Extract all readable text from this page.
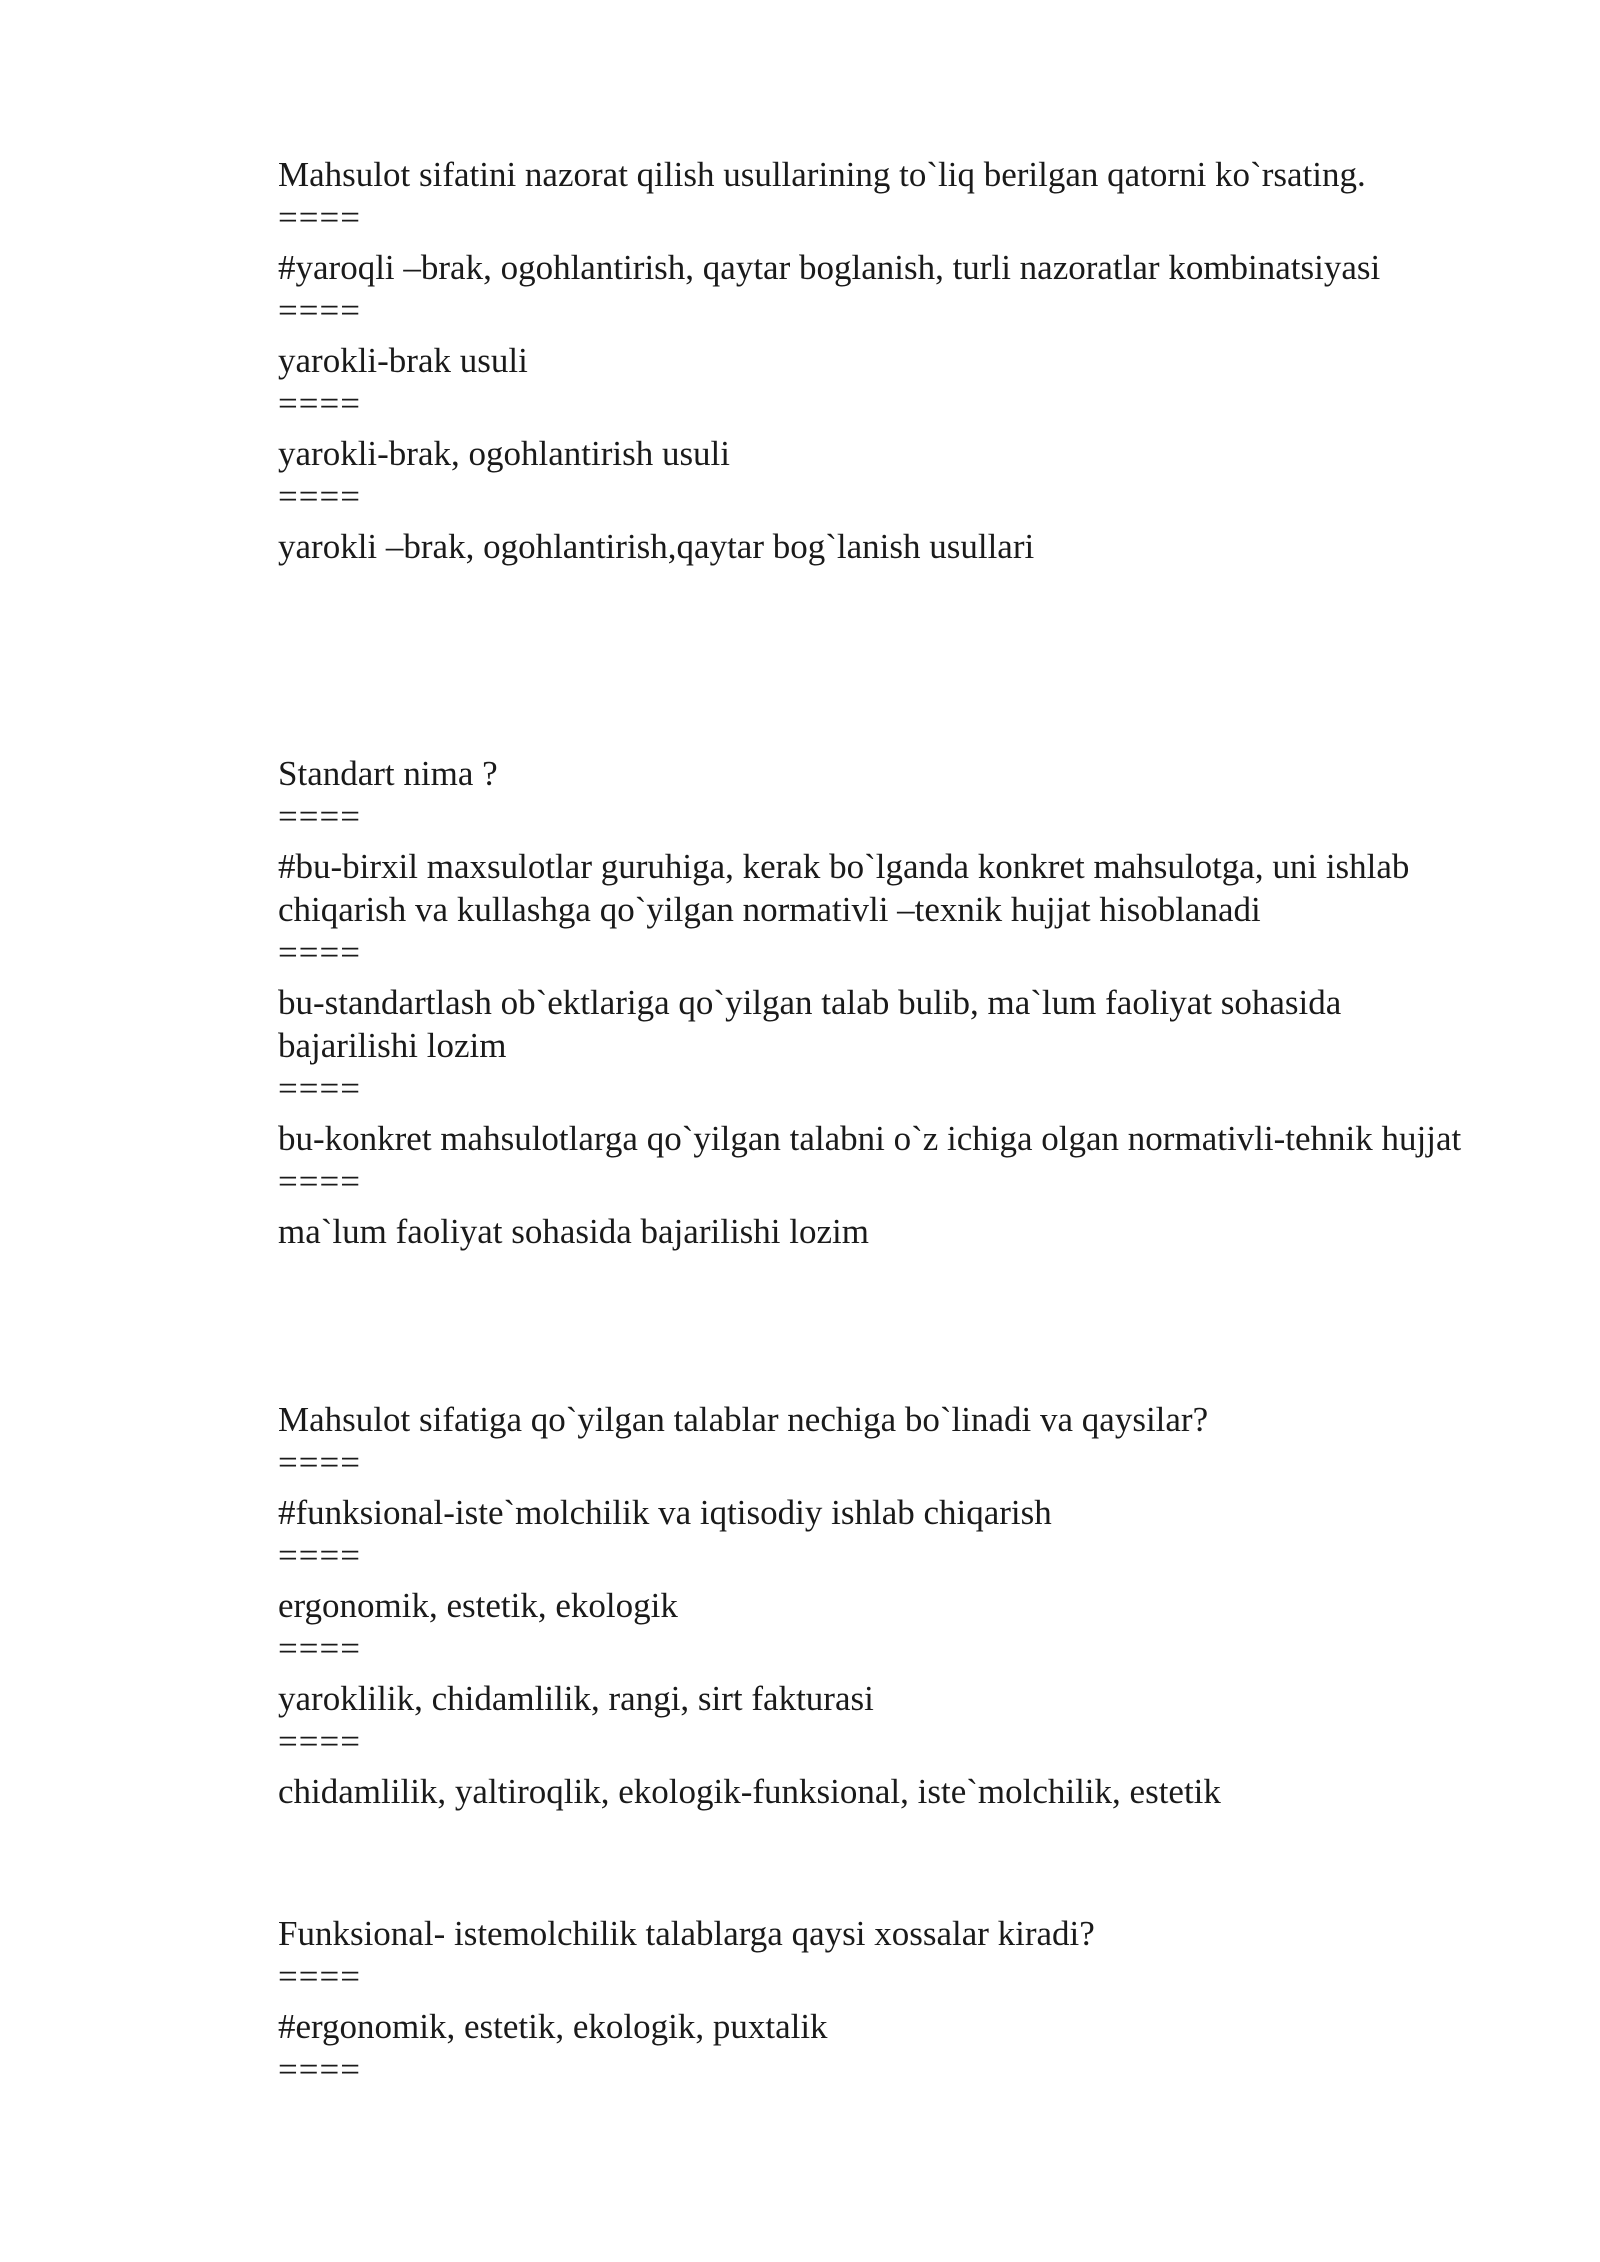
Mahsulot sifatini nazorat qilish usullarining to`liq berilgan qatorni ko`rsating.

====

#yaroqli –brak, ogohlantirish, qaytar boglanish, turli nazoratlar kombinatsiyasi

====

yarokli-brak usuli

====

yarokli-brak, ogohlantirish usuli

====

yarokli –brak, ogohlantirish,qaytar bog`lanish usullari

Standart nima ?

====

#bu-birxil maxsulotlar guruhiga, kerak bo`lganda konkret mahsulotga, uni ishlab chiqarish va kullashga qo`yilgan normativli –texnik hujjat hisoblanadi

====

bu-standartlash ob`ektlariga qo`yilgan talab bulib, ma`lum faoliyat sohasida bajarilishi lozim

====

bu-konkret mahsulotlarga qo`yilgan talabni o`z ichiga olgan normativli-tehnik hujjat

====

ma`lum faoliyat sohasida bajarilishi lozim

Mahsulot sifatiga qo`yilgan talablar nechiga bo`linadi va qaysilar?

====

#funksional-iste`molchilik va iqtisodiy ishlab chiqarish

====

ergonomik, estetik, ekologik

====

yaroklilik, chidamlilik, rangi, sirt fakturasi

====

chidamlilik, yaltiroqlik, ekologik-funksional, iste`molchilik, estetik

Funksional- istemolchilik talablarga qaysi xossalar kiradi?

====

#ergonomik, estetik, ekologik, puxtalik

====
